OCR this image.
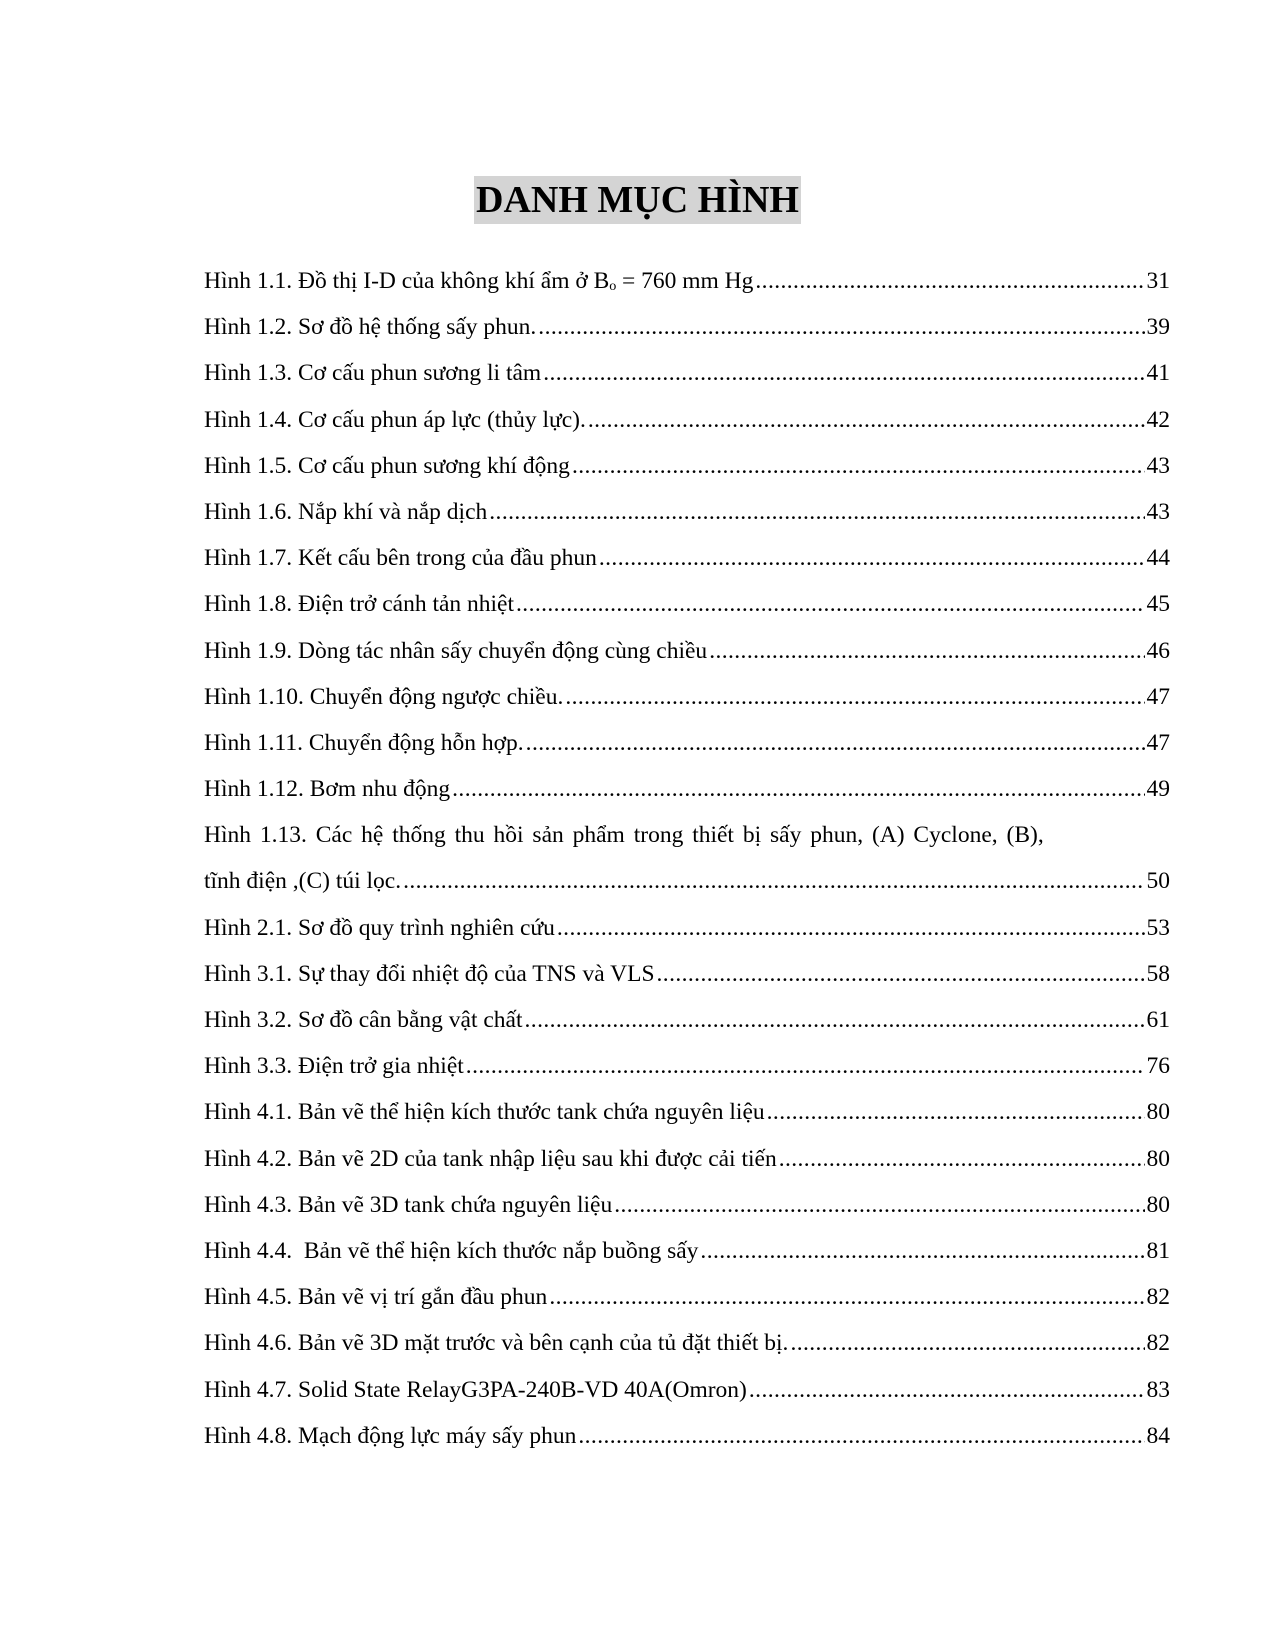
DANH MỤC HÌNH
Hình 1.1. Đồ thị I-D của không khí ẩm ở Bₒ = 760 mm Hg .....	31
Hình 1.2. Sơ đồ hệ thống sấy phun. .....	39
Hình 1.3. Cơ cấu phun sương li tâm .....	41
Hình 1.4. Cơ cấu phun áp lực (thủy lực). .....	42
Hình 1.5. Cơ cấu phun sương khí động .....	43
Hình 1.6. Nắp khí và nắp dịch .....	43
Hình 1.7. Kết cấu bên trong của đầu phun .....	44
Hình 1.8. Điện trở cánh tản nhiệt .....	45
Hình 1.9. Dòng tác nhân sấy chuyển động cùng chiều .....	46
Hình 1.10. Chuyển động ngược chiều. .....	47
Hình 1.11. Chuyển động hỗn hợp. .....	47
Hình 1.12. Bơm nhu động .....	49
Hình 1.13. Các hệ thống thu hồi sản phẩm trong thiết bị sấy phun, (A) Cyclone, (B),
tĩnh điện ,(C) túi lọc. .....	50
Hình 2.1. Sơ đồ quy trình nghiên cứu .....	53
Hình 3.1. Sự thay đổi nhiệt độ của TNS và VLS .....	58
Hình 3.2. Sơ đồ cân bằng vật chất .....	61
Hình 3.3. Điện trở gia nhiệt .....	76
Hình 4.1. Bản vẽ thể hiện kích thước tank chứa nguyên liệu .....	80
Hình 4.2. Bản vẽ 2D của tank nhập liệu sau khi được cải tiến .....	80
Hình 4.3. Bản vẽ 3D tank chứa nguyên liệu .....	80
Hình 4.4.  Bản vẽ thể hiện kích thước nắp buồng sấy .....	81
Hình 4.5. Bản vẽ vị trí gắn đầu phun .....	82
Hình 4.6. Bản vẽ 3D mặt trước và bên cạnh của tủ đặt thiết bị. .....	82
Hình 4.7. Solid State RelayG3PA-240B-VD 40A(Omron) .....	83
Hình 4.8. Mạch động lực máy sấy phun .....	84
